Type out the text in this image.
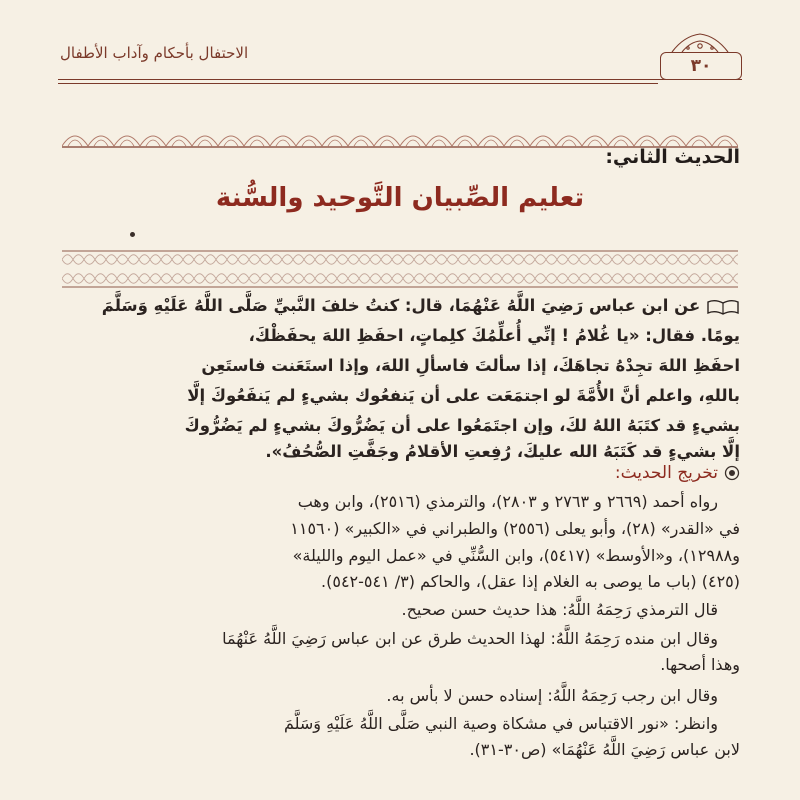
الاحتفال بأحكام وآداب الأطفال
٣٠
الحديث الثاني:
تعليم الصِّبيان التَّوحيد والسُّنة
عن ابن عباس رَضِيَ اللَّهُ عَنْهُمَا، قال: كنتُ خلفَ النَّبيِّ صَلَّى اللَّهُ عَلَيْهِ وَسَلَّمَ
يومًا. فقال: «يا غُلامُ ! إنِّي أُعلِّمُكَ كلِماتٍ، احفَظِ اللهَ يحفَظْكَ،
احفَظِ اللهَ تجِدْهُ تجاهَكَ، إذا سألتَ فاسألِ اللهَ، وإذا استَعَنت فاستَعِن
باللهِ، واعلم أنَّ الأُمَّةَ لو اجتمَعَت على أن يَنفعُوك بشيءٍ لم يَنفَعُوكَ إلَّا
بشيءٍ قد كتَبَهُ اللهُ لكَ، وإن اجتَمَعُوا على أن يَضُرُّوكَ بشيءٍ لم يَضُرُّوكَ
إلَّا بشيءٍ قد كَتَبَهُ الله عليكَ، رُفِعتِ الأقلامُ وجَفَّتِ الصُّحُفُ».
تخريج الحديث:
رواه أحمد (٢٦٦٩ و ٢٧٦٣ و ٢٨٠٣)، والترمذي (٢٥١٦)، وابن وهب
في «القدر» (٢٨)، وأبو يعلى (٢٥٥٦) والطبراني في «الكبير» (١١٥٦٠
و١٢٩٨٨)، و«الأوسط» (٥٤١٧)، وابن السُّنِّي في «عمل اليوم والليلة»
(٤٢٥) (باب ما يوصى به الغلام إذا عقل)، والحاكم (٣/ ٥٤١-٥٤٢).
قال الترمذي رَحِمَهُ اللَّهُ: هذا حديث حسن صحيح.
وقال ابن منده رَحِمَهُ اللَّهُ: لهذا الحديث طرق عن ابن عباس رَضِيَ اللَّهُ عَنْهُمَا
وهذا أصحها.
وقال ابن رجب رَحِمَهُ اللَّهُ: إسناده حسن لا بأس به.
وانظر: «نور الاقتباس في مشكاة وصية النبي صَلَّى اللَّهُ عَلَيْهِ وَسَلَّمَ
لابن عباس رَضِيَ اللَّهُ عَنْهُمَا» (ص٣٠-٣١).
